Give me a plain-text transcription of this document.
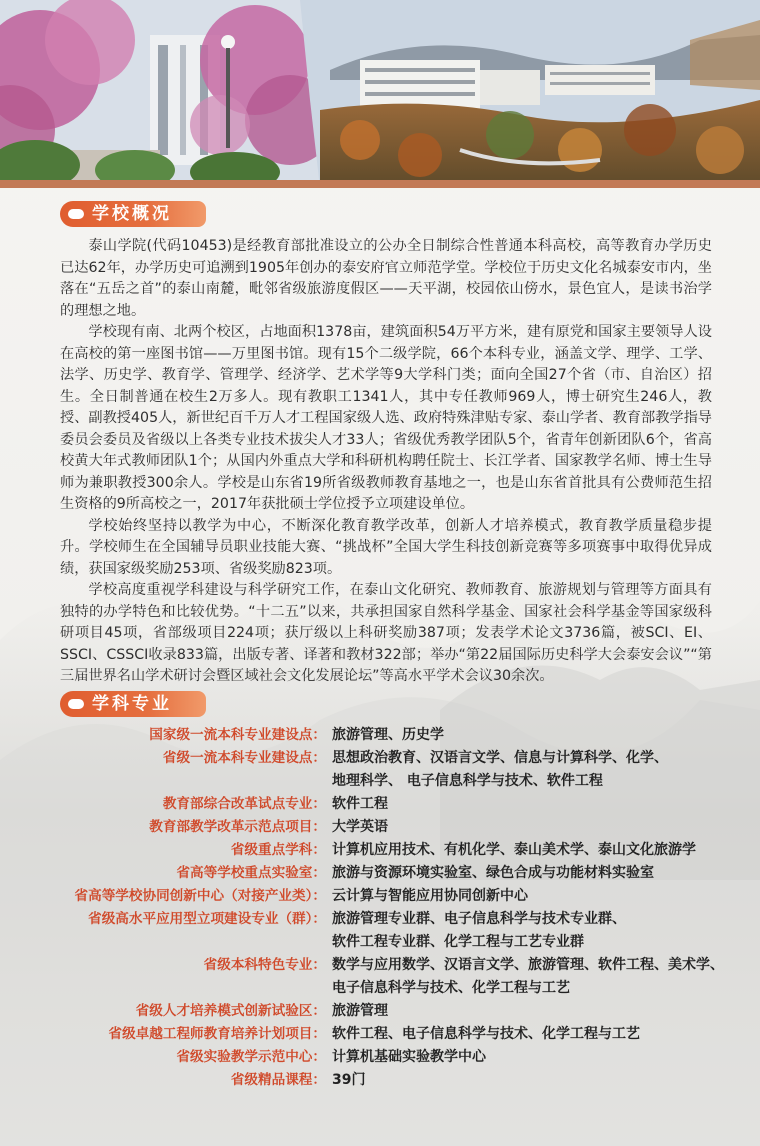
学校概况

泰山学院(代码10453)是经教育部批准设立的公办全日制综合性普通本科高校，高等教育办学历史已达62年，办学历史可追溯到1905年创办的泰安府官立师范学堂。学校位于历史文化名城泰安市内，坐落在“五岳之首”的泰山南麓，毗邻省级旅游度假区——天平湖，校园依山傍水，景色宜人，是读书治学的理想之地。

学校现有南、北两个校区，占地面积1378亩，建筑面积54万平方米，建有原党和国家主要领导人设在高校的第一座图书馆——万里图书馆。现有15个二级学院，66个本科专业，涵盖文学、理学、工学、法学、历史学、教育学、管理学、经济学、艺术学等9大学科门类；面向全国27个省（市、自治区）招生。全日制普通在校生2万多人。现有教职工1341人，其中专任教师969人，博士研究生246人，教授、副教授405人，新世纪百千万人才工程国家级人选、政府特殊津贴专家、泰山学者、教育部教学指导委员会委员及省级以上各类专业技术拔尖人才33人；省级优秀教学团队5个，省青年创新团队6个，省高校黄大年式教师团队1个；从国内外重点大学和科研机构聘任院士、长江学者、国家教学名师、博士生导师为兼职教授300余人。学校是山东省19所省级教师教育基地之一，也是山东省首批具有公费师范生招生资格的9所高校之一，2017年获批硕士学位授予立项建设单位。

学校始终坚持以教学为中心，不断深化教育教学改革，创新人才培养模式，教育教学质量稳步提升。学校师生在全国辅导员职业技能大赛、“挑战杯”全国大学生科技创新竞赛等多项赛事中取得优异成绩，获国家级奖励253项、省级奖励823项。

学校高度重视学科建设与科学研究工作，在泰山文化研究、教师教育、旅游规划与管理等方面具有独特的办学特色和比较优势。“十二五”以来，共承担国家自然科学基金、国家社会科学基金等国家级科研项目45项，省部级项目224项；获厅级以上科研奖励387项；发表学术论文3736篇，被SCI、EI、SSCI、CSSCI收录833篇，出版专著、译著和教材322部；举办“第22届国际历史科学大会泰安会议”“第三届世界名山学术研讨会暨区域社会文化发展论坛”等高水平学术会议30余次。

学科专业
国家级一流本科专业建设点： 旅游管理、历史学
省级一流本科专业建设点： 思想政治教育、汉语言文学、信息与计算科学、化学、
地理科学、 电子信息科学与技术、软件工程
教育部综合改革试点专业： 软件工程
教育部教学改革示范点项目： 大学英语
省级重点学科： 计算机应用技术、有机化学、泰山美术学、泰山文化旅游学
省高等学校重点实验室： 旅游与资源环境实验室、绿色合成与功能材料实验室
省高等学校协同创新中心（对接产业类）： 云计算与智能应用协同创新中心
省级高水平应用型立项建设专业（群）： 旅游管理专业群、电子信息科学与技术专业群、
软件工程专业群、化学工程与工艺专业群
省级本科特色专业： 数学与应用数学、汉语言文学、旅游管理、软件工程、美术学、
电子信息科学与技术、化学工程与工艺
省级人才培养模式创新试验区： 旅游管理
省级卓越工程师教育培养计划项目： 软件工程、电子信息科学与技术、化学工程与工艺
省级实验教学示范中心： 计算机基础实验教学中心
省级精品课程： 39门
